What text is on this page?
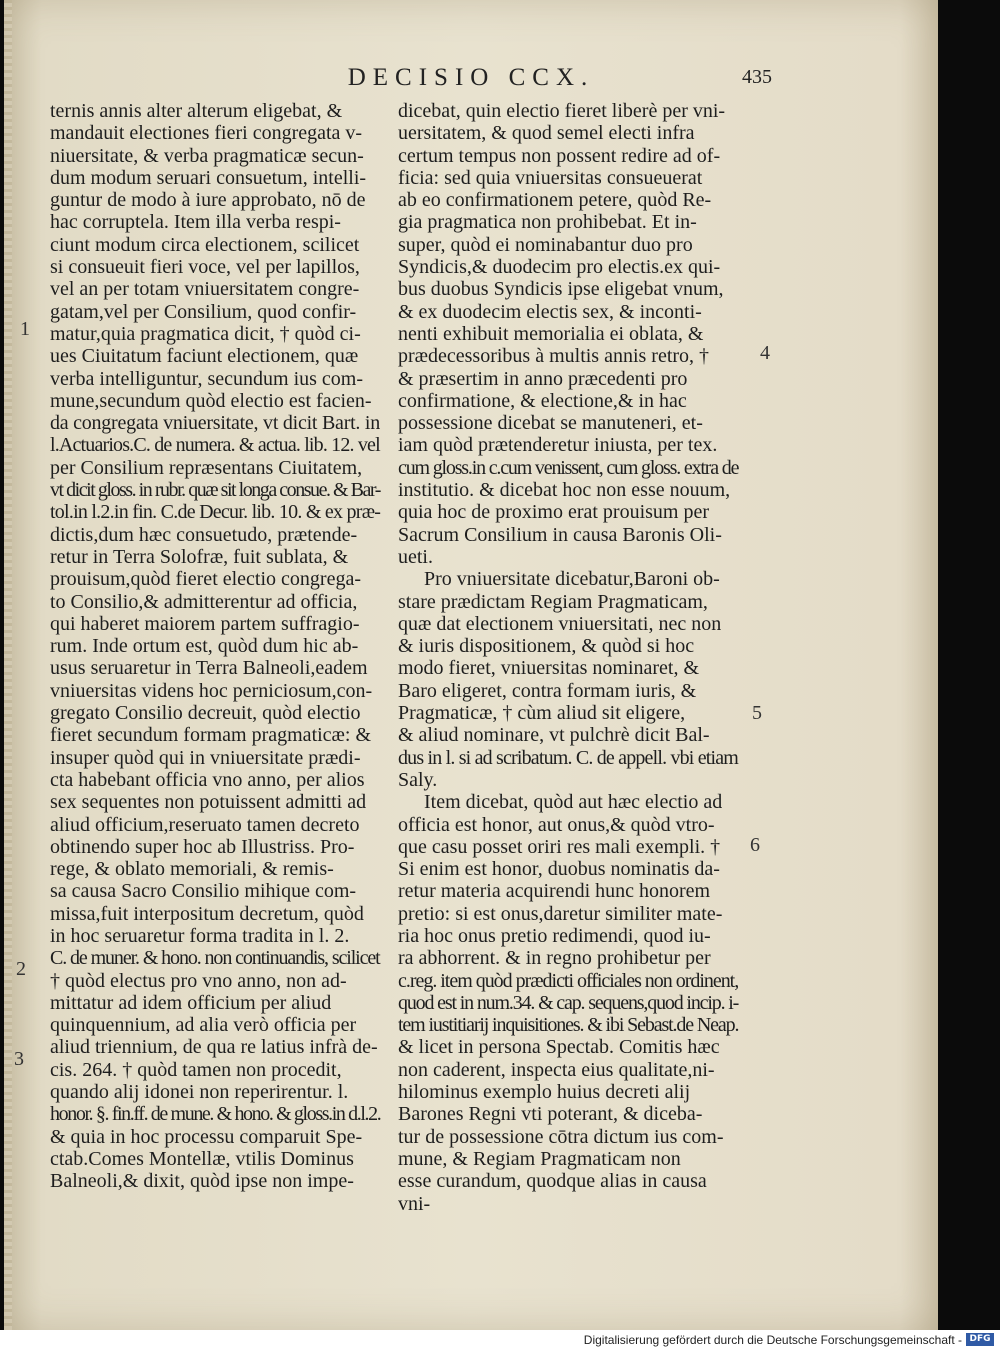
DECISIO CCX.	435
ternis annis alter alterum eligebat, &
mandauit electiones fieri congregata v-
niuersitate, & verba pragmaticæ secun-
dum modum seruari consuetum, intelli-
guntur de modo à iure approbato, nō de
hac corruptela. Item illa verba respi-
ciunt modum circa electionem, scilicet
si consueuit fieri voce, vel per lapillos,
vel an per totam vniuersitatem congre-
gatam,vel per Consilium, quod confir-
matur,quia pragmatica dicit, † quòd ci-
ues Ciuitatum faciunt electionem, quæ
verba intelliguntur, secundum ius com-
mune,secundum quòd electio est facien-
da congregata vniuersitate, vt dicit Bart. in
l.Actuarios.C. de numera. & actua. lib. 12. vel
per Consilium repræsentans Ciuitatem,
vt dicit gloss. in rubr. quæ sit longa consue. & Bar-
tol.in l.2.in fin. C.de Decur. lib. 10. & ex præ-
dictis,dum hæc consuetudo, prætende-
retur in Terra Solofræ, fuit sublata, &
prouisum,quòd fieret electio congrega-
to Consilio,& admitterentur ad officia,
qui haberet maiorem partem suffragio-
rum. Inde ortum est, quòd dum hic ab-
usus seruaretur in Terra Balneoli,eadem
vniuersitas videns hoc perniciosum,con-
gregato Consilio decreuit, quòd electio
fieret secundum formam pragmaticæ: &
insuper quòd qui in vniuersitate prædi-
cta habebant officia vno anno, per alios
sex sequentes non potuissent admitti ad
aliud officium,reseruato tamen decreto
obtinendo super hoc ab Illustriss. Pro-
rege, & oblato memoriali, & remis-
sa causa Sacro Consilio mihique com-
missa,fuit interpositum decretum, quòd
in hoc seruaretur forma tradita in l. 2.
C. de muner. & hono. non continuandis, scilicet
† quòd electus pro vno anno, non ad-
mittatur ad idem officium per aliud
quinquennium, ad alia verò officia per
aliud triennium, de qua re latius infrà de-
cis. 264. † quòd tamen non procedit,
quando alij idonei non reperirentur. l.
honor. §. fin.ff. de mune. & hono. & gloss.in d.l.2.
& quia in hoc processu comparuit Spe-
ctab.Comes Montellæ, vtilis Dominus
Balneoli,& dixit, quòd ipse non impe-
dicebat, quin electio fieret liberè per vni-
uersitatem, & quod semel electi infra
certum tempus non possent redire ad of-
ficia: sed quia vniuersitas consueuerat
ab eo confirmationem petere, quòd Re-
gia pragmatica non prohibebat. Et in-
super, quòd ei nominabantur duo pro
Syndicis,& duodecim pro electis.ex qui-
bus duobus Syndicis ipse eligebat vnum,
& ex duodecim electis sex, & inconti-
nenti exhibuit memorialia ei oblata, &
prædecessoribus à multis annis retro, †
& præsertim in anno præcedenti pro
confirmatione, & electione,& in hac
possessione dicebat se manuteneri, et-
iam quòd prætenderetur iniusta, per tex.
cum gloss.in c.cum venissent, cum gloss. extra de
institutio. & dicebat hoc non esse nouum,
quia hoc de proximo erat prouisum per
Sacrum Consilium in causa Baronis Oli-
ueti.
Pro vniuersitate dicebatur,Baroni ob-
stare prædictam Regiam Pragmaticam,
quæ dat electionem vniuersitati, nec non
& iuris dispositionem, & quòd si hoc
modo fieret, vniuersitas nominaret, &
Baro eligeret, contra formam iuris, &
Pragmaticæ, † cùm aliud sit eligere,
& aliud nominare, vt pulchrè dicit Bal-
dus in l. si ad scribatum. C. de appell. vbi etiam
Saly.
Item dicebat, quòd aut hæc electio ad
officia est honor, aut onus,& quòd vtro-
que casu posset oriri res mali exempli. †
Si enim est honor, duobus nominatis da-
retur materia acquirendi hunc honorem
pretio: si est onus,daretur similiter mate-
ria hoc onus pretio redimendi, quod iu-
ra abhorrent. & in regno prohibetur per
c.reg. item quòd prædicti officiales non ordinent,
quod est in num.34. & cap. sequens,quod incip. i-
tem iustitiarij inquisitiones. & ibi Sebast.de Neap.
& licet in persona Spectab. Comitis hæc
non caderent, inspecta eius qualitate,ni-
hilominus exemplo huius decreti alij
Barones Regni vti poterant, & diceba-
tur de possessione cōtra dictum ius com-
mune, & Regiam Pragmaticam non
esse curandum, quodque alias in causa
vni-
1
2
3
4
5
6
Digitalisierung gefördert durch die Deutsche Forschungsgemeinschaft - DFG
